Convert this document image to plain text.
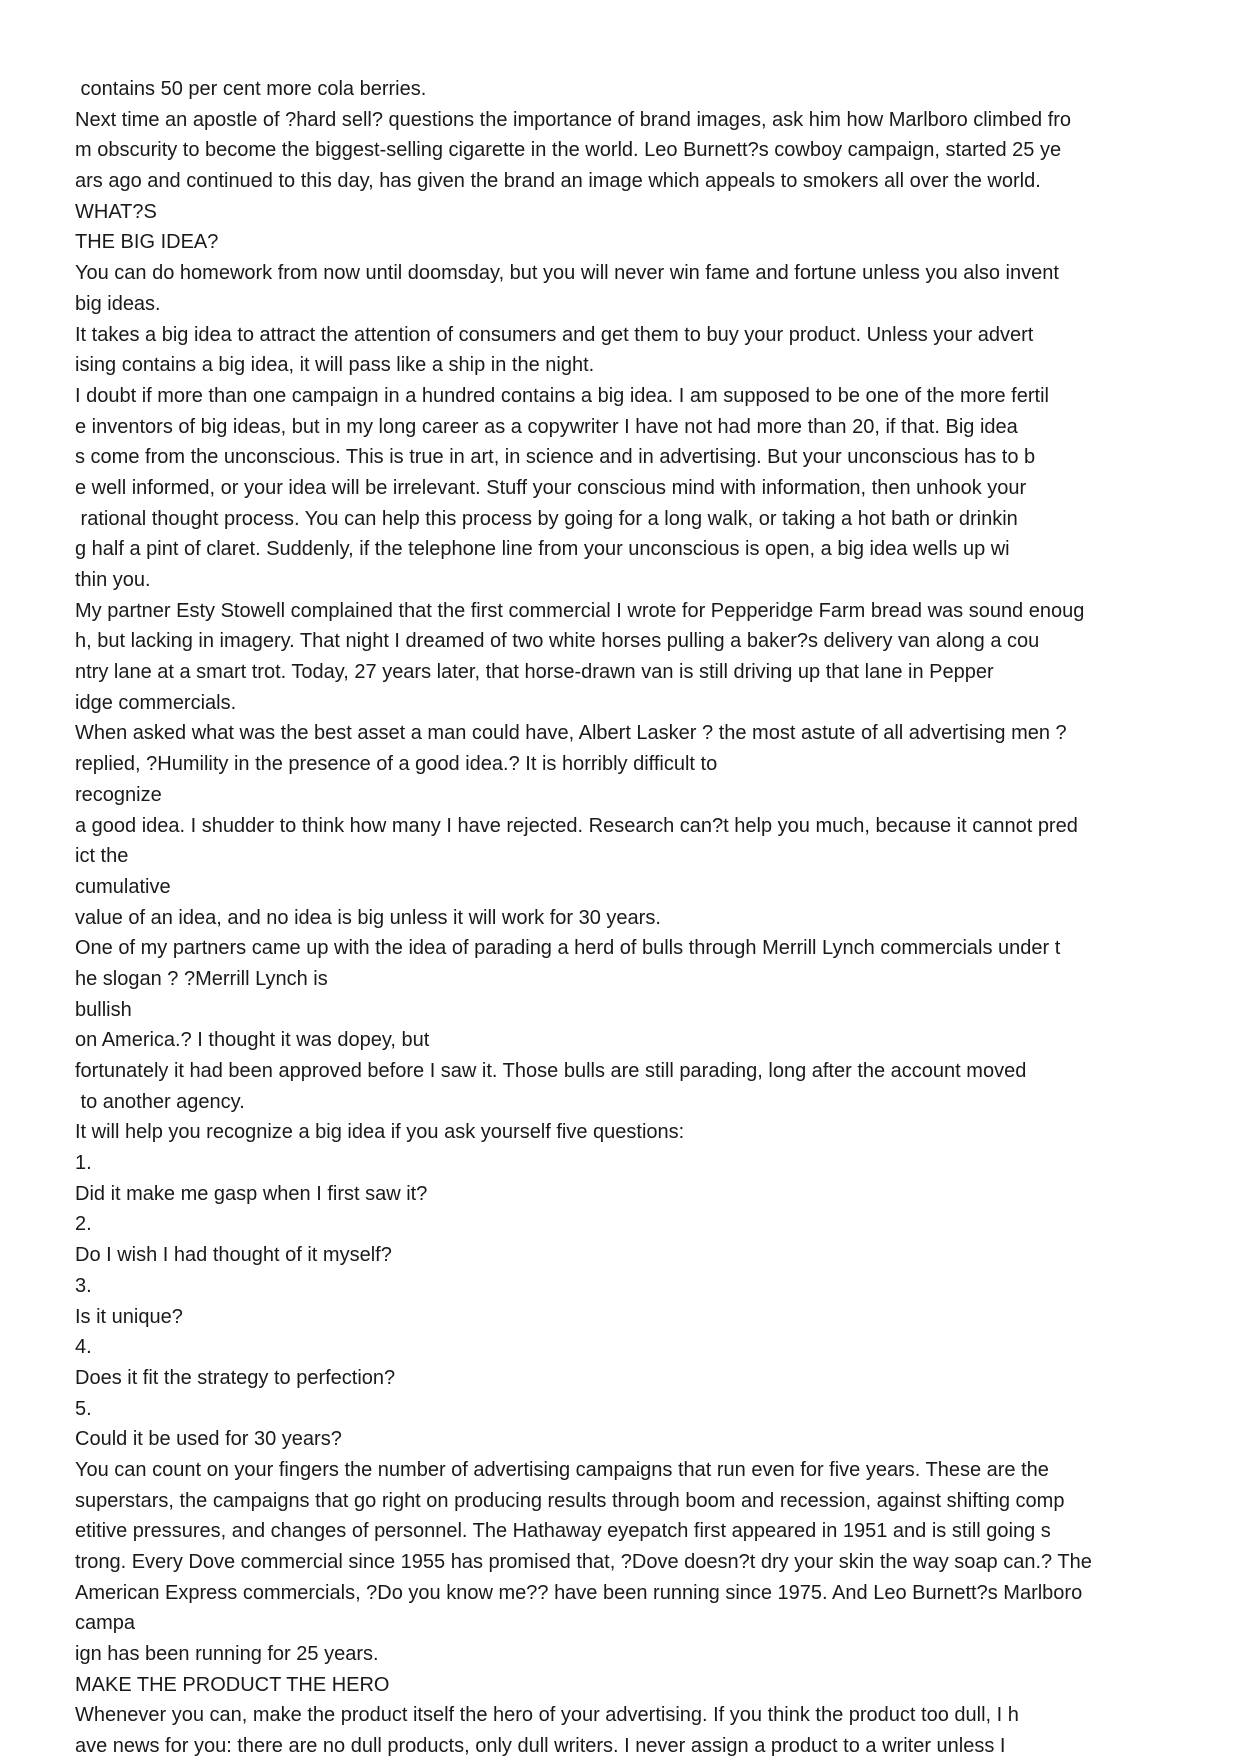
contains 50 per cent more cola berries.
Next time an apostle of ?hard sell? questions the importance of brand images, ask him how Marlboro climbed fro
m obscurity to become the biggest-selling cigarette in the world. Leo Burnett?s cowboy campaign, started 25 ye
ars ago and continued to this day, has given the brand an image which appeals to smokers all over the world.
WHAT?S
THE BIG IDEA?
You can do homework from now until doomsday, but you will never win fame and fortune unless you also invent
big ideas.
It takes a big idea to attract the attention of consumers and get them to buy your product. Unless your advert
ising contains a big idea, it will pass like a ship in the night.
I doubt if more than one campaign in a hundred contains a big idea. I am supposed to be one of the more fertil
e inventors of big ideas, but in my long career as a copywriter I have not had more than 20, if that. Big idea
s come from the unconscious. This is true in art, in science and in advertising. But your unconscious has to b
e well informed, or your idea will be irrelevant. Stuff your conscious mind with information, then unhook your
rational thought process. You can help this process by going for a long walk, or taking a hot bath or drinkin
g half a pint of claret. Suddenly, if the telephone line from your unconscious is open, a big idea wells up wi
thin you.
My partner Esty Stowell complained that the first commercial I wrote for Pepperidge Farm bread was sound enoug
h, but lacking in imagery. That night I dreamed of two white horses pulling a baker?s delivery van along a cou
ntry lane at a smart trot. Today, 27 years later, that horse-drawn van is still driving up that lane in Pepper
idge commercials.
When asked what was the best asset a man could have, Albert Lasker ? the most astute of all advertising men ?
replied, ?Humility in the presence of a good idea.? It is horribly difficult to
recognize
a good idea. I shudder to think how many I have rejected. Research can?t help you much, because it cannot pred
ict the
cumulative
value of an idea, and no idea is big unless it will work for 30 years.
One of my partners came up with the idea of parading a herd of bulls through Merrill Lynch commercials under t
he slogan ? ?Merrill Lynch is
bullish
on America.? I thought it was dopey, but
fortunately it had been approved before I saw it. Those bulls are still parading, long after the account moved
to another agency.
It will help you recognize a big idea if you ask yourself five questions:
1.
Did it make me gasp when I first saw it?
2.
Do I wish I had thought of it myself?
3.
Is it unique?
4.
Does it fit the strategy to perfection?
5.
Could it be used for 30 years?
You can count on your fingers the number of advertising campaigns that run even for five years. These are the
superstars, the campaigns that go right on producing results through boom and recession, against shifting comp
etitive pressures, and changes of personnel. The Hathaway eyepatch first appeared in 1951 and is still going s
trong. Every Dove commercial since 1955 has promised that, ?Dove doesn?t dry your skin the way soap can.? The
American Express commercials, ?Do you know me?? have been running since 1975. And Leo Burnett?s Marlboro
campa
ign has been running for 25 years.
MAKE THE PRODUCT THE HERO
Whenever you can, make the product itself the hero of your advertising. If you think the product too dull, I h
ave news for you: there are no dull products, only dull writers. I never assign a product to a writer unless I
